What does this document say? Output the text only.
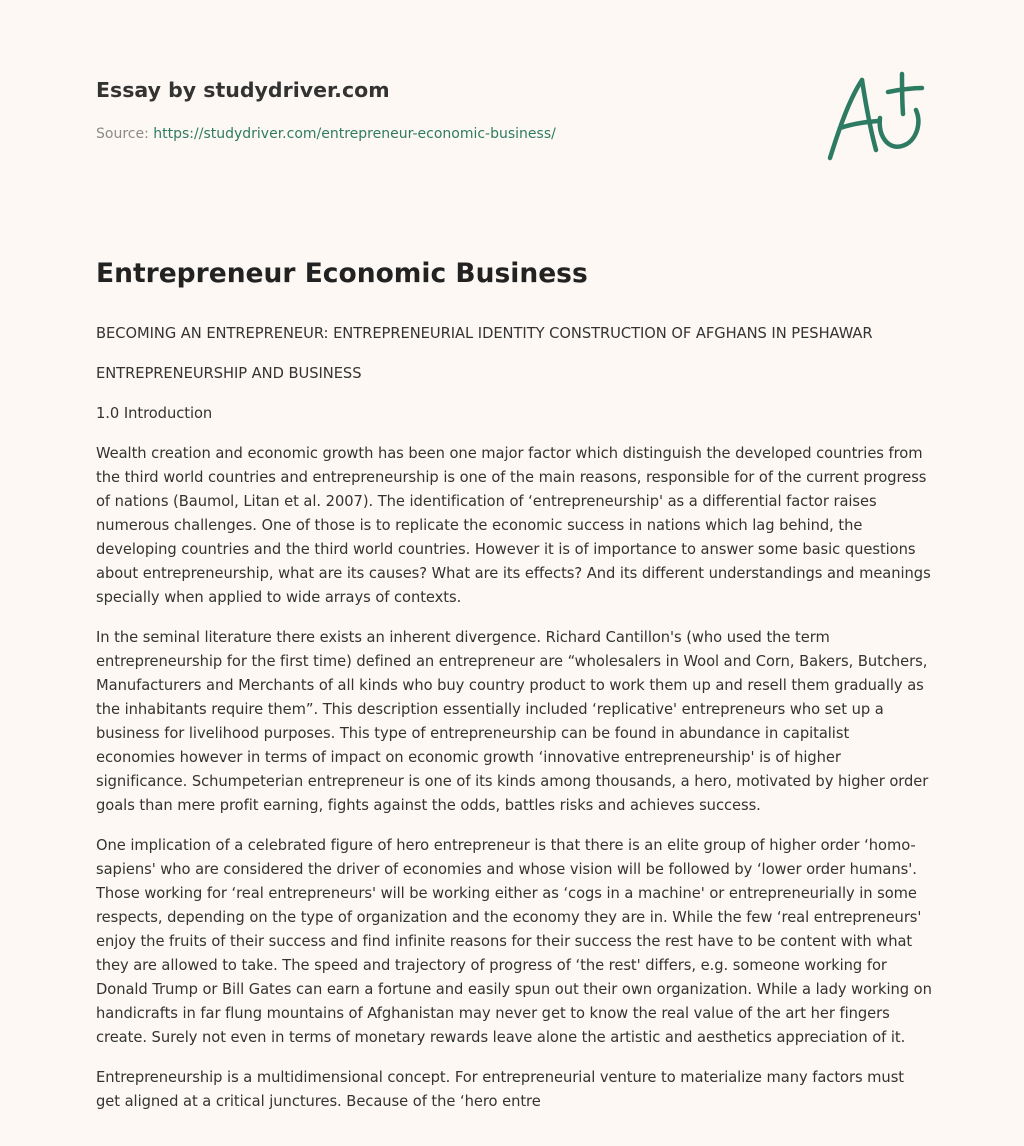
Essay by studydriver.com
Source: https://studydriver.com/entrepreneur-economic-business/
Entrepreneur Economic Business

BECOMING AN ENTREPRENEUR: ENTREPRENEURIAL IDENTITY CONSTRUCTION OF AFGHANS IN PESHAWAR

ENTREPRENEURSHIP AND BUSINESS

1.0 Introduction

Wealth creation and economic growth has been one major factor which distinguish the developed countries from the third world countries and entrepreneurship is one of the main reasons, responsible for of the current progress of nations (Baumol, Litan et al. 2007). The identification of ‘entrepreneurship' as a differential factor raises numerous challenges. One of those is to replicate the economic success in nations which lag behind, the developing countries and the third world countries. However it is of importance to answer some basic questions about entrepreneurship, what are its causes? What are its effects? And its different understandings and meanings specially when applied to wide arrays of contexts.

In the seminal literature there exists an inherent divergence. Richard Cantillon's (who used the term entrepreneurship for the first time) defined an entrepreneur are “wholesalers in Wool and Corn, Bakers, Butchers, Manufacturers and Merchants of all kinds who buy country product to work them up and resell them gradually as the inhabitants require them”. This description essentially included ‘replicative' entrepreneurs who set up a business for livelihood purposes. This type of entrepreneurship can be found in abundance in capitalist economies however in terms of impact on economic growth ‘innovative entrepreneurship' is of higher significance. Schumpeterian entrepreneur is one of its kinds among thousands, a hero, motivated by higher order goals than mere profit earning, fights against the odds, battles risks and achieves success.

One implication of a celebrated figure of hero entrepreneur is that there is an elite group of higher order ‘homo-sapiens' who are considered the driver of economies and whose vision will be followed by ‘lower order humans'. Those working for ‘real entrepreneurs' will be working either as ‘cogs in a machine' or entrepreneurially in some respects, depending on the type of organization and the economy they are in. While the few ‘real entrepreneurs' enjoy the fruits of their success and find infinite reasons for their success the rest have to be content with what they are allowed to take. The speed and trajectory of progress of ‘the rest' differs, e.g. someone working for Donald Trump or Bill Gates can earn a fortune and easily spun out their own organization. While a lady working on handicrafts in far flung mountains of Afghanistan may never get to know the real value of the art her fingers create. Surely not even in terms of monetary rewards leave alone the artistic and aesthetics appreciation of it.

Entrepreneurship is a multidimensional concept. For entrepreneurial venture to materialize many factors must get aligned at a critical junctures. Because of the ‘hero entre
